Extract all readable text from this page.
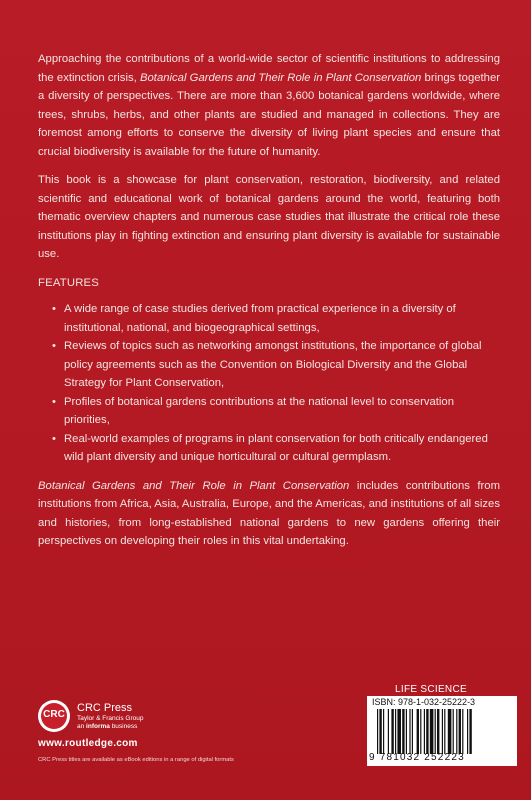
Approaching the contributions of a world-wide sector of scientific institutions to addressing the extinction crisis, Botanical Gardens and Their Role in Plant Conservation brings together a diversity of perspectives. There are more than 3,600 botanical gardens worldwide, where trees, shrubs, herbs, and other plants are studied and managed in collections. They are foremost among efforts to conserve the diversity of living plant species and ensure that crucial biodiversity is available for the future of humanity.

This book is a showcase for plant conservation, restoration, biodiversity, and related scientific and educational work of botanical gardens around the world, featuring both thematic overview chapters and numerous case studies that illustrate the critical role these institutions play in fighting extinction and ensuring plant diversity is available for sustainable use.

FEATURES
• A wide range of case studies derived from practical experience in a diversity of institutional, national, and biogeographical settings,
• Reviews of topics such as networking amongst institutions, the importance of global policy agreements such as the Convention on Biological Diversity and the Global Strategy for Plant Conservation,
• Profiles of botanical gardens contributions at the national level to conservation priorities,
• Real-world examples of programs in plant conservation for both critically endangered wild plant diversity and unique horticultural or cultural germplasm.

Botanical Gardens and Their Role in Plant Conservation includes contributions from institutions from Africa, Asia, Australia, Europe, and the Americas, and institutions of all sizes and histories, from long-established national gardens to new gardens offering their perspectives on developing their roles in this vital undertaking.

CRC
CRC Press
Taylor & Francis Group
an informa business
www.routledge.com
CRC Press titles are available as eBook editions in a range of digital formats
LIFE SCIENCE
ISBN: 978-1-032-25222-3
9 781032 252223
